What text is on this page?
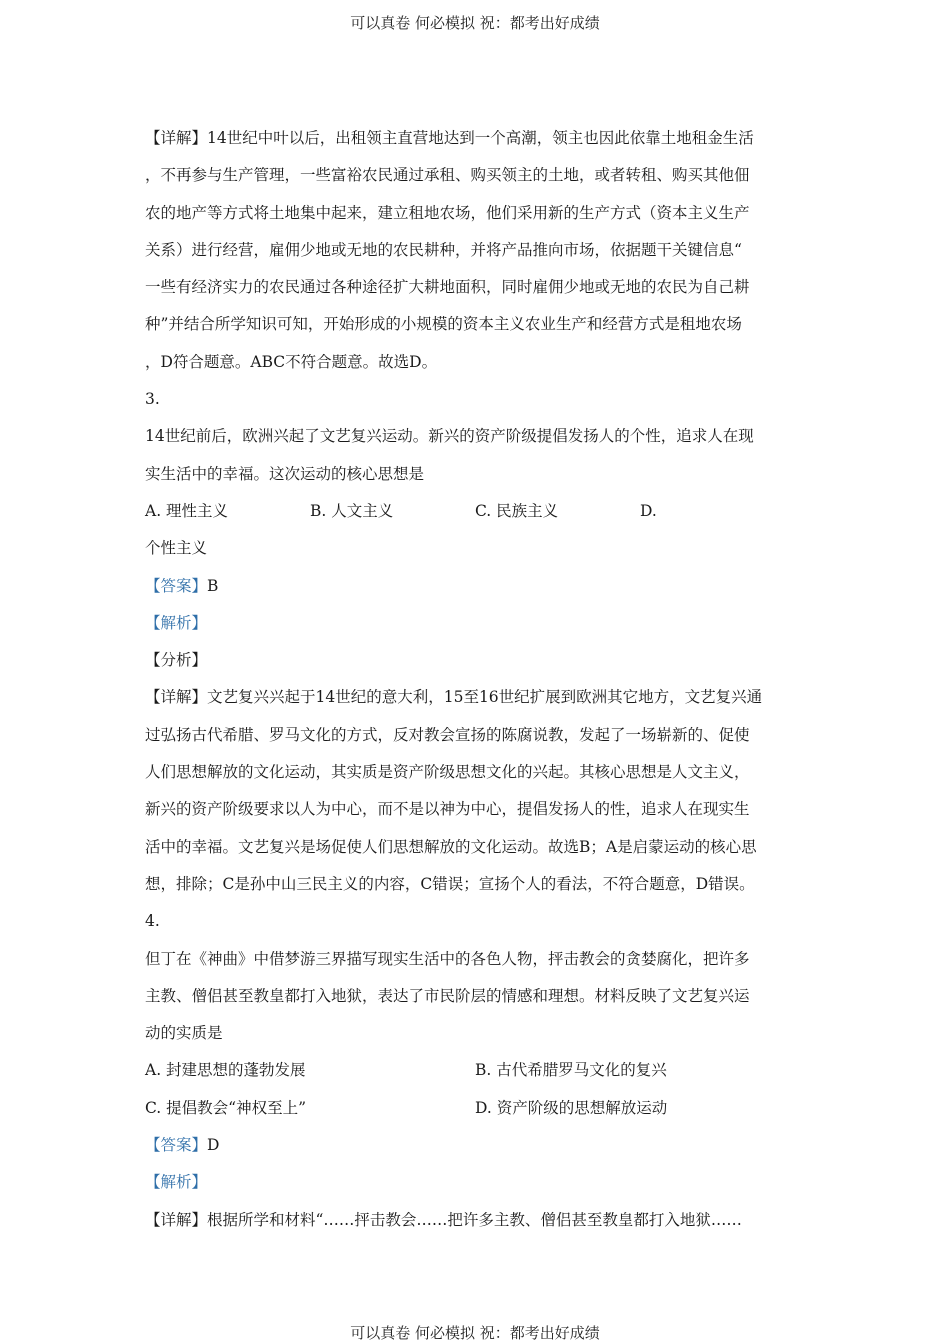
可以真卷 何必模拟 祝：都考出好成绩
【详解】14世纪中叶以后，出租领主直营地达到一个高潮，领主也因此依靠土地租金生活
，不再参与生产管理，一些富裕农民通过承租、购买领主的土地，或者转租、购买其他佃
农的地产等方式将土地集中起来，建立租地农场，他们采用新的生产方式（资本主义生产
关系）进行经营，雇佣少地或无地的农民耕种，并将产品推向市场，依据题干关键信息“
一些有经济实力的农民通过各种途径扩大耕地面积，同时雇佣少地或无地的农民为自己耕
种”并结合所学知识可知，开始形成的小规模的资本主义农业生产和经营方式是租地农场
，D符合题意。ABC不符合题意。故选D。
3.
14世纪前后，欧洲兴起了文艺复兴运动。新兴的资产阶级提倡发扬人的个性，追求人在现
实生活中的幸福。这次运动的核心思想是
A. 理性主义	B. 人文主义	C. 民族主义	D.
个性主义
【答案】B
【解析】
【分析】
【详解】文艺复兴兴起于14世纪的意大利，15至16世纪扩展到欧洲其它地方，文艺复兴通
过弘扬古代希腊、罗马文化的方式，反对教会宣扬的陈腐说教，发起了一场崭新的、促使
人们思想解放的文化运动，其实质是资产阶级思想文化的兴起。其核心思想是人文主义，
新兴的资产阶级要求以人为中心，而不是以神为中心，提倡发扬人的性，追求人在现实生
活中的幸福。文艺复兴是场促使人们思想解放的文化运动。故选B；A是启蒙运动的核心思
想，排除；C是孙中山三民主义的内容，C错误；宣扬个人的看法，不符合题意，D错误。
4.
但丁在《神曲》中借梦游三界描写现实生活中的各色人物，抨击教会的贪婪腐化，把许多
主教、僧侣甚至教皇都打入地狱，表达了市民阶层的情感和理想。材料反映了文艺复兴运
动的实质是
A. 封建思想的蓬勃发展	B. 古代希腊罗马文化的复兴
C. 提倡教会“神权至上”	D. 资产阶级的思想解放运动
【答案】D
【解析】
【详解】根据所学和材料“……抨击教会……把许多主教、僧侣甚至教皇都打入地狱……
可以真卷 何必模拟 祝：都考出好成绩
